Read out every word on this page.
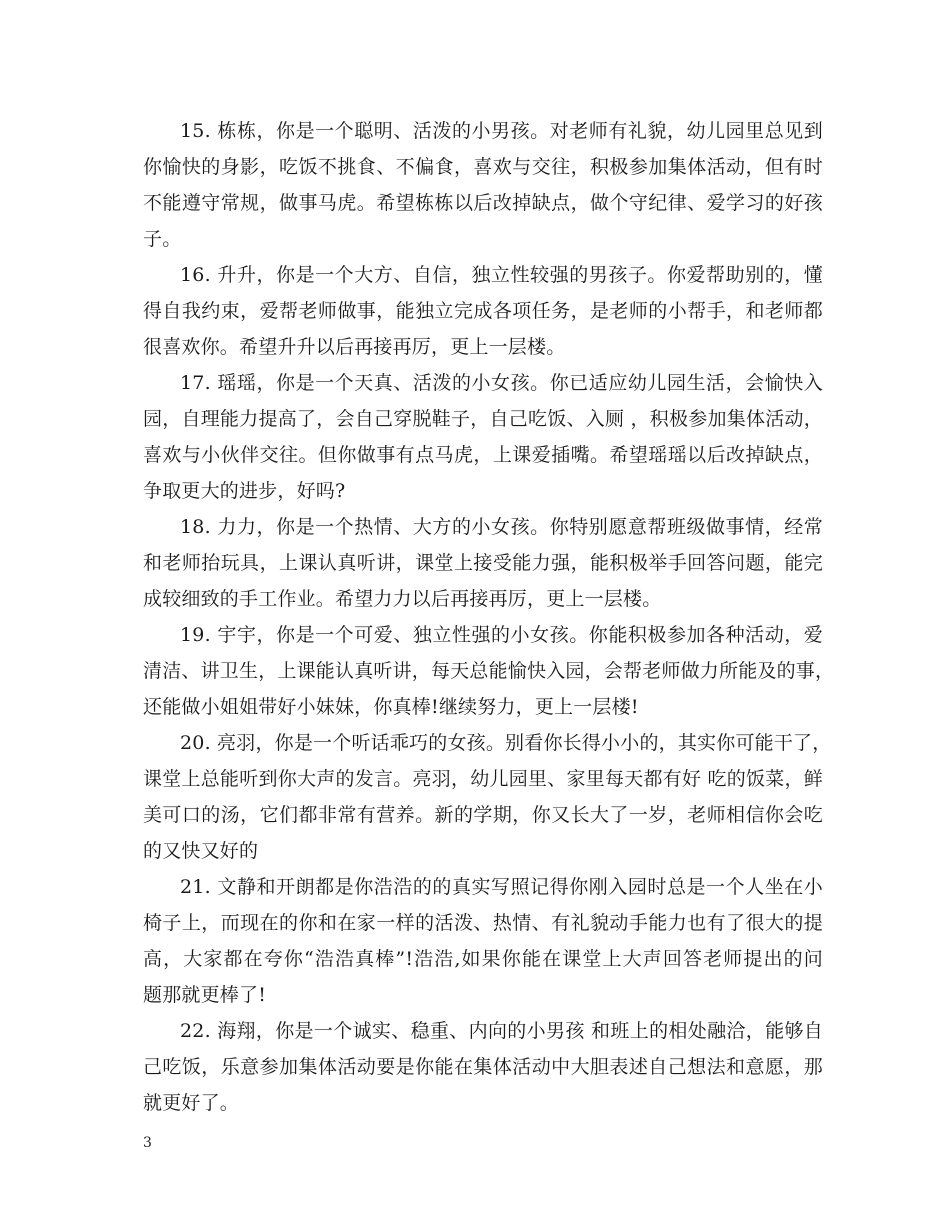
15. 栋栋，你是一个聪明、活泼的小男孩。对老师有礼貌，幼儿园里总见到
你愉快的身影，吃饭不挑食、不偏食，喜欢与交往，积极参加集体活动，但有时
不能遵守常规，做事马虎。希望栋栋以后改掉缺点，做个守纪律、爱学习的好孩
子。
16. 升升，你是一个大方、自信，独立性较强的男孩子。你爱帮助别的，懂
得自我约束，爱帮老师做事，能独立完成各项任务，是老师的小帮手，和老师都
很喜欢你。希望升升以后再接再厉，更上一层楼。
17. 瑶瑶，你是一个天真、活泼的小女孩。你已适应幼儿园生活，会愉快入
园，自理能力提高了，会自己穿脱鞋子，自己吃饭、入厕 ，积极参加集体活动，
喜欢与小伙伴交往。但你做事有点马虎，上课爱插嘴。希望瑶瑶以后改掉缺点，
争取更大的进步，好吗?
18. 力力，你是一个热情、大方的小女孩。你特别愿意帮班级做事情，经常
和老师抬玩具，上课认真听讲，课堂上接受能力强，能积极举手回答问题，能完
成较细致的手工作业。希望力力以后再接再厉，更上一层楼。
19. 宇宇，你是一个可爱、独立性强的小女孩。你能积极参加各种活动，爱
清洁、讲卫生，上课能认真听讲，每天总能愉快入园，会帮老师做力所能及的事，
还能做小姐姐带好小妹妹，你真棒!继续努力，更上一层楼!
20. 亮羽，你是一个听话乖巧的女孩。别看你长得小小的，其实你可能干了，
课堂上总能听到你大声的发言。亮羽，幼儿园里、家里每天都有好 吃的饭菜，鲜
美可口的汤，它们都非常有营养。新的学期，你又长大了一岁，老师相信你会吃
的又快又好的
21. 文静和开朗都是你浩浩的的真实写照记得你刚入园时总是一个人坐在小
椅子上，而现在的你和在家一样的活泼、热情、有礼貌动手能力也有了很大的提
高，大家都在夸你“浩浩真棒”!浩浩,如果你能在课堂上大声回答老师提出的问
题那就更棒了!
22. 海翔，你是一个诚实、稳重、内向的小男孩 和班上的相处融洽，能够自
己吃饭，乐意参加集体活动要是你能在集体活动中大胆表述自己想法和意愿，那
就更好了。
3
